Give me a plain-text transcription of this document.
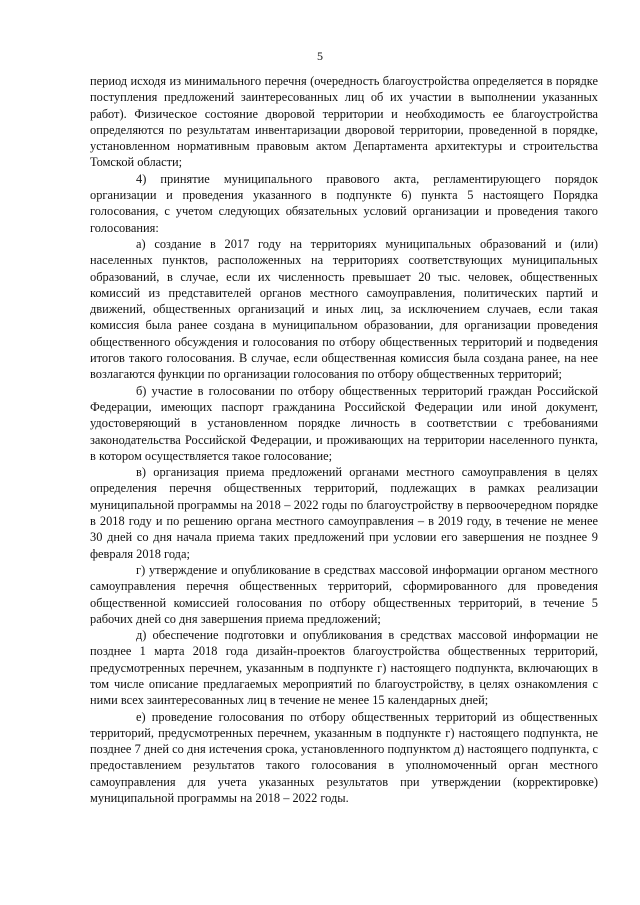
5

период исходя из минимального перечня (очередность благоустройства определяется в порядке поступления предложений заинтересованных лиц об их участии в выполнении указанных работ). Физическое состояние дворовой территории и необходимость ее благоустройства определяются по результатам инвентаризации дворовой территории, проведенной в порядке, установленном нормативным правовым актом Департамента архитектуры и строительства Томской области;

4) принятие муниципального правового акта, регламентирующего порядок организации и проведения указанного в подпункте 6) пункта 5 настоящего Порядка голосования, с учетом следующих обязательных условий организации и проведения такого голосования:

а) создание в 2017 году на территориях муниципальных образований и (или) населенных пунктов, расположенных на территориях соответствующих муниципальных образований, в случае, если их численность превышает 20 тыс. человек, общественных комиссий из представителей органов местного самоуправления, политических партий и движений, общественных организаций и иных лиц, за исключением случаев, если такая комиссия была ранее создана в муниципальном образовании, для организации проведения общественного обсуждения и голосования по отбору общественных территорий и подведения итогов такого голосования. В случае, если общественная комиссия была создана ранее, на нее возлагаются функции по организации голосования по отбору общественных территорий;

б) участие в голосовании по отбору общественных территорий граждан Российской Федерации, имеющих паспорт гражданина Российской Федерации или иной документ, удостоверяющий в установленном порядке личность в соответствии с требованиями законодательства Российской Федерации, и проживающих на территории населенного пункта, в котором осуществляется такое голосование;

в) организация приема предложений органами местного самоуправления в целях определения перечня общественных территорий, подлежащих в рамках реализации муниципальной программы на 2018 – 2022 годы по благоустройству в первоочередном порядке в 2018 году и по решению органа местного самоуправления – в 2019 году, в течение не менее 30 дней со дня начала приема таких предложений при условии его завершения не позднее 9 февраля 2018 года;

г) утверждение и опубликование в средствах массовой информации органом местного самоуправления перечня общественных территорий, сформированного для проведения общественной комиссией голосования по отбору общественных территорий, в течение 5 рабочих дней со дня завершения приема предложений;

д) обеспечение подготовки и опубликования в средствах массовой информации не позднее 1 марта 2018 года дизайн-проектов благоустройства общественных территорий, предусмотренных перечнем, указанным в подпункте г) настоящего подпункта, включающих в том числе описание предлагаемых мероприятий по благоустройству, в целях ознакомления с ними всех заинтересованных лиц в течение не менее 15 календарных дней;

е) проведение голосования по отбору общественных территорий из общественных территорий, предусмотренных перечнем, указанным в подпункте г) настоящего подпункта, не позднее 7 дней со дня истечения срока, установленного подпунктом д) настоящего подпункта, с предоставлением результатов такого голосования в уполномоченный орган местного самоуправления для учета указанных результатов при утверждении (корректировке) муниципальной программы на 2018 – 2022 годы.
